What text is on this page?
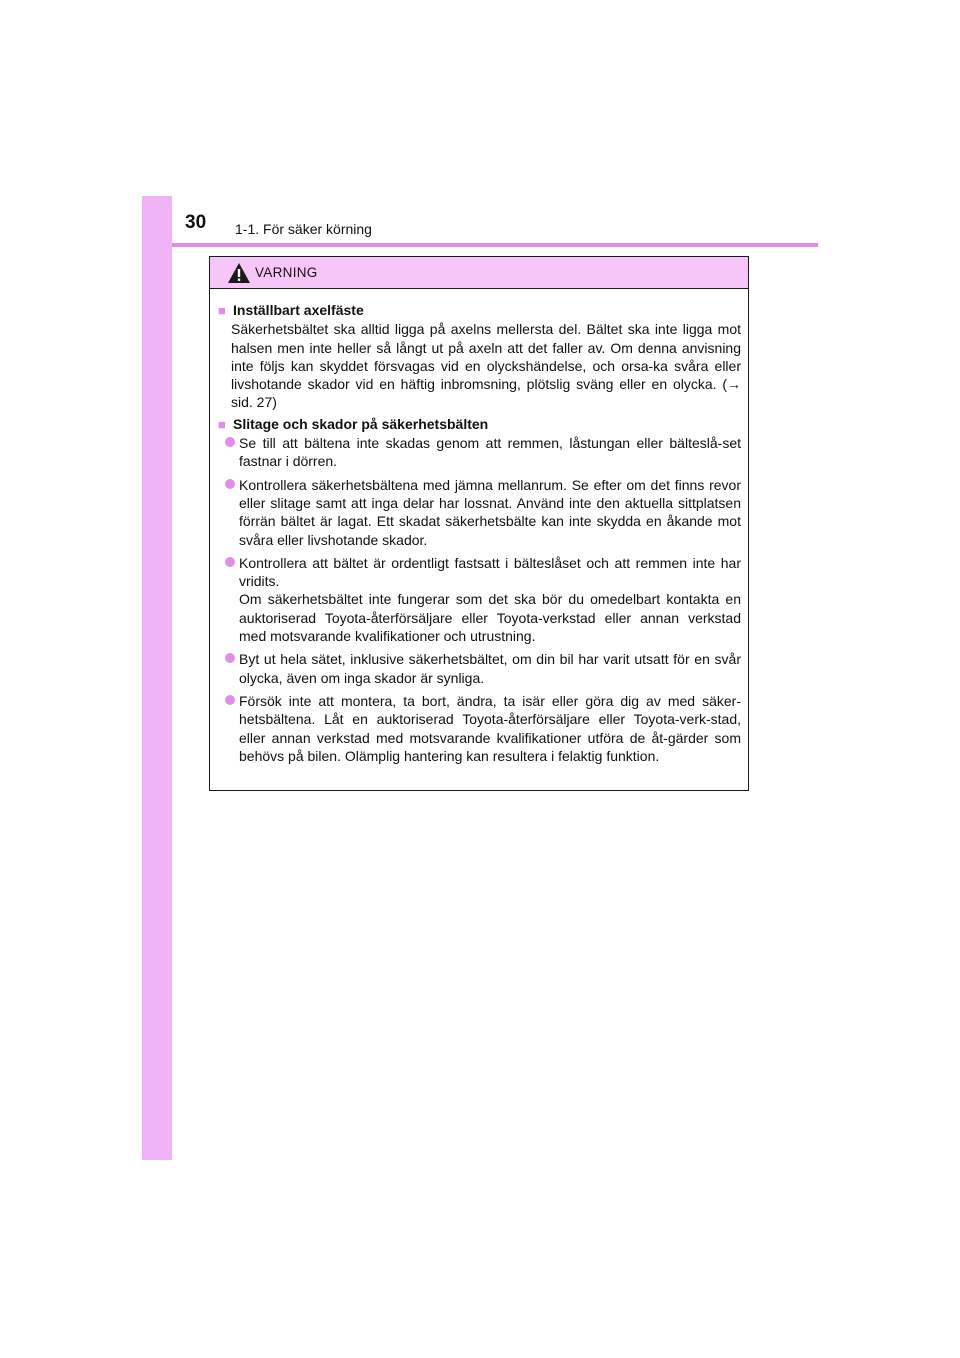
30 1-1. För säker körning
VARNING
■ Inställbart axelfäste
Säkerhetsbältet ska alltid ligga på axelns mellersta del. Bältet ska inte ligga mot halsen men inte heller så långt ut på axeln att det faller av. Om denna anvisning inte följs kan skyddet försvagas vid en olyckshändelse, och orsa-ka svåra eller livshotande skador vid en häftig inbromsning, plötslig sväng eller en olycka. (→ sid. 27)
■ Slitage och skador på säkerhetsbälten

Se till att bältena inte skadas genom att remmen, låstungan eller bälteslå-set fastnar i dörren.

Kontrollera säkerhetsbältena med jämna mellanrum. Se efter om det finns revor eller slitage samt att inga delar har lossnat. Använd inte den aktuella sittplatsen förrän bältet är lagat. Ett skadat säkerhetsbälte kan inte skydda en åkande mot svåra eller livshotande skador.

Kontrollera att bältet är ordentligt fastsatt i bälteslåset och att remmen inte har vridits.

Om säkerhetsbältet inte fungerar som det ska bör du omedelbart kontakta en auktoriserad Toyota-återförsäljare eller Toyota-verkstad eller annan verkstad med motsvarande kvalifikationer och utrustning.

Byt ut hela sätet, inklusive säkerhetsbältet, om din bil har varit utsatt för en svår olycka, även om inga skador är synliga.

Försök inte att montera, ta bort, ändra, ta isär eller göra dig av med säker-hetsbältena. Låt en auktoriserad Toyota-återförsäljare eller Toyota-verk-stad, eller annan verkstad med motsvarande kvalifikationer utföra de åt-gärder som behövs på bilen. Olämplig hantering kan resultera i felaktig funktion.
